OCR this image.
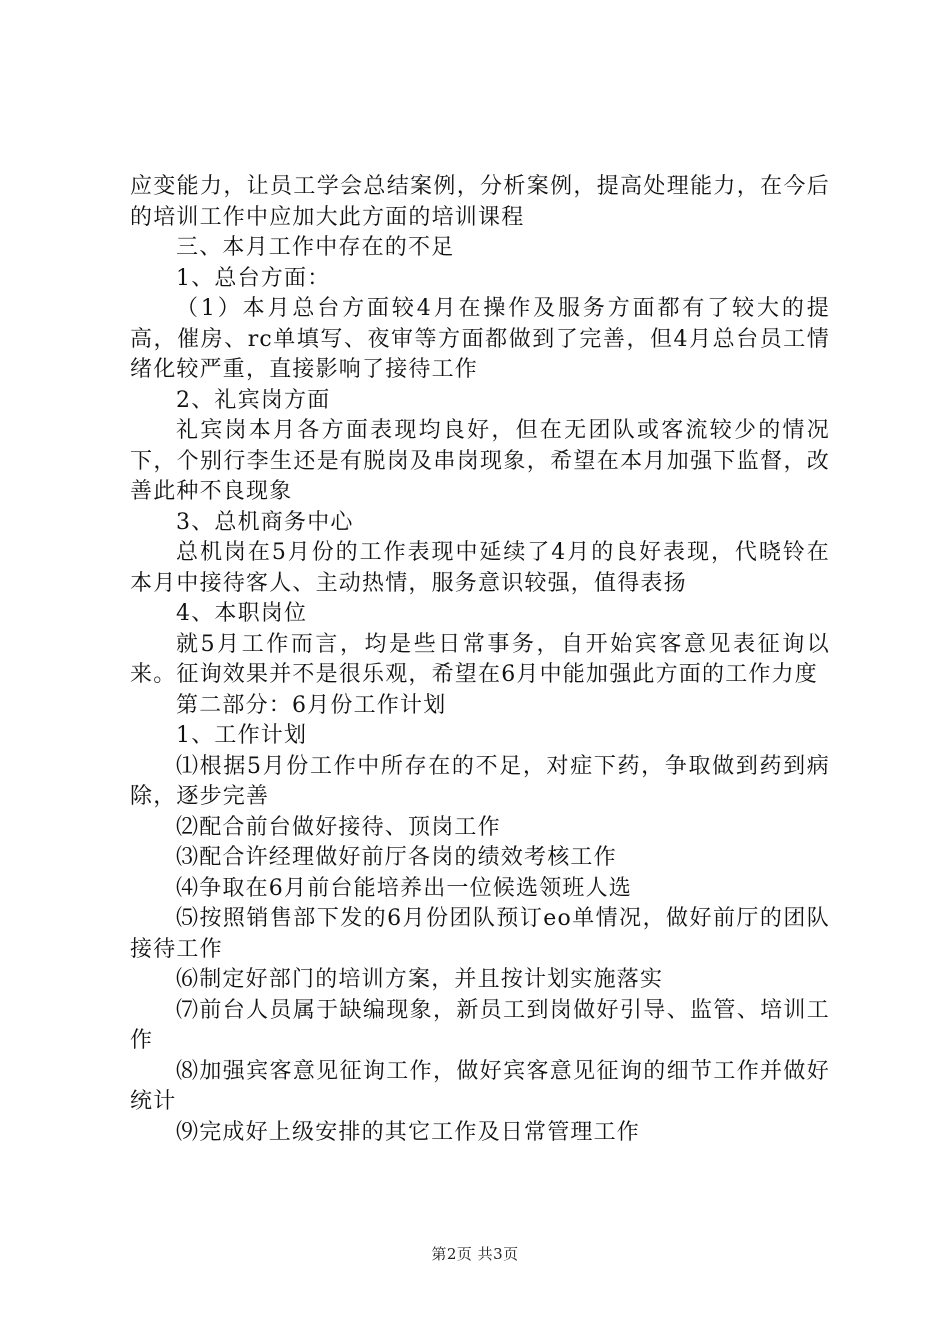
应变能力，让员工学会总结案例，分析案例，提高处理能力，在今后的培训工作中应加大此方面的培训课程

三、本月工作中存在的不足

1、总台方面：

（1）本月总台方面较4月在操作及服务方面都有了较大的提高，催房、rc单填写、夜审等方面都做到了完善，但4月总台员工情绪化较严重，直接影响了接待工作

2、礼宾岗方面

礼宾岗本月各方面表现均良好，但在无团队或客流较少的情况下，个别行李生还是有脱岗及串岗现象，希望在本月加强下监督，改善此种不良现象

3、总机商务中心

总机岗在5月份的工作表现中延续了4月的良好表现，代晓铃在本月中接待客人、主动热情，服务意识较强，值得表扬

4、本职岗位

就5月工作而言，均是些日常事务，自开始宾客意见表征询以来。征询效果并不是很乐观，希望在6月中能加强此方面的工作力度

第二部分：6月份工作计划

1、工作计划

⑴根据5月份工作中所存在的不足，对症下药，争取做到药到病除，逐步完善

⑵配合前台做好接待、顶岗工作

⑶配合许经理做好前厅各岗的绩效考核工作

⑷争取在6月前台能培养出一位候选领班人选

⑸按照销售部下发的6月份团队预订eo单情况，做好前厅的团队接待工作

⑹制定好部门的培训方案，并且按计划实施落实

⑺前台人员属于缺编现象，新员工到岗做好引导、监管、培训工作

⑻加强宾客意见征询工作，做好宾客意见征询的细节工作并做好统计

⑼完成好上级安排的其它工作及日常管理工作

第2页 共3页
